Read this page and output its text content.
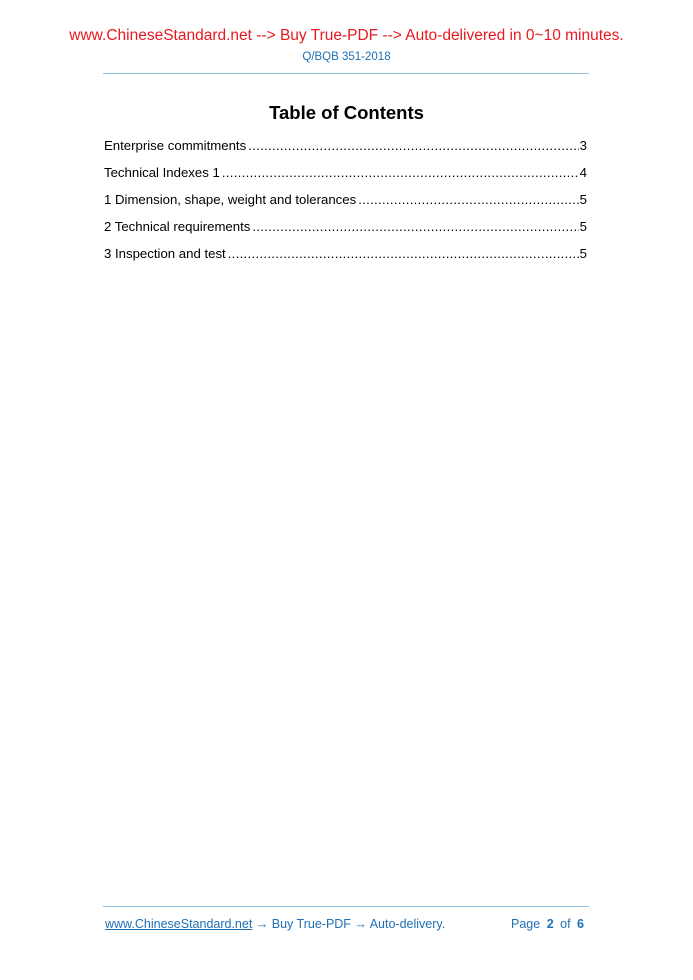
www.ChineseStandard.net --> Buy True-PDF --> Auto-delivered in 0~10 minutes.
Q/BQB 351-2018
Table of Contents
Enterprise commitments .....	3
Technical Indexes 1 .....	4
1 Dimension, shape, weight and tolerances .....	5
2 Technical requirements .....	5
3 Inspection and test .....	5
www.ChineseStandard.net → Buy True-PDF → Auto-delivery.	Page 2 of 6
